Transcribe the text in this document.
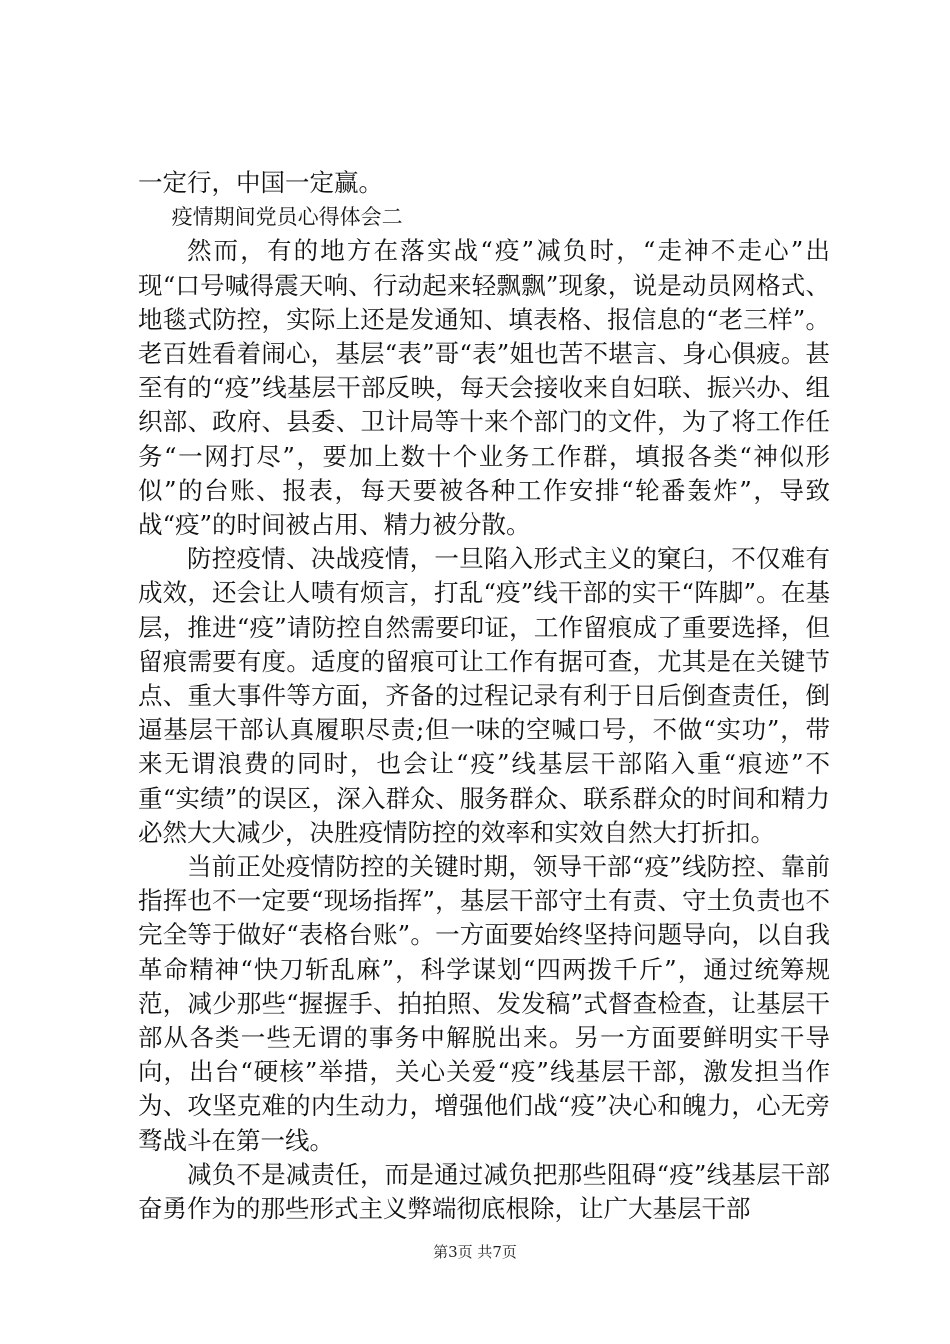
一定行，中国一定赢。

疫情期间党员心得体会二

然而，有的地方在落实战“疫”减负时，“走神不走心”出现“口号喊得震天响、行动起来轻飘飘”现象，说是动员网格式、地毯式防控，实际上还是发通知、填表格、报信息的“老三样”。老百姓看着闹心，基层“表”哥“表”姐也苦不堪言、身心俱疲。甚至有的“疫”线基层干部反映，每天会接收来自妇联、振兴办、组织部、政府、县委、卫计局等十来个部门的文件，为了将工作任务“一网打尽”，要加上数十个业务工作群，填报各类“神似形似”的台账、报表，每天要被各种工作安排“轮番轰炸”，导致战“疫”的时间被占用、精力被分散。

防控疫情、决战疫情，一旦陷入形式主义的窠臼，不仅难有成效，还会让人啧有烦言，打乱“疫”线干部的实干“阵脚”。在基层，推进“疫”请防控自然需要印证，工作留痕成了重要选择，但留痕需要有度。适度的留痕可让工作有据可查，尤其是在关键节点、重大事件等方面，齐备的过程记录有利于日后倒查责任，倒逼基层干部认真履职尽责;但一味的空喊口号，不做“实功”，带来无谓浪费的同时，也会让“疫”线基层干部陷入重“痕迹”不重“实绩”的误区，深入群众、服务群众、联系群众的时间和精力必然大大减少，决胜疫情防控的效率和实效自然大打折扣。

当前正处疫情防控的关键时期，领导干部“疫”线防控、靠前指挥也不一定要“现场指挥”，基层干部守土有责、守土负责也不完全等于做好“表格台账”。一方面要始终坚持问题导向，以自我革命精神“快刀斩乱麻”，科学谋划“四两拨千斤”，通过统筹规范，减少那些“握握手、拍拍照、发发稿”式督查检查，让基层干部从各类一些无谓的事务中解脱出来。另一方面要鲜明实干导向，出台“硬核”举措，关心关爱“疫”线基层干部，激发担当作为、攻坚克难的内生动力，增强他们战“疫”决心和魄力，心无旁骛战斗在第一线。

减负不是减责任，而是通过减负把那些阻碍“疫”线基层干部奋勇作为的那些形式主义弊端彻底根除，让广大基层干部

第3页 共7页
